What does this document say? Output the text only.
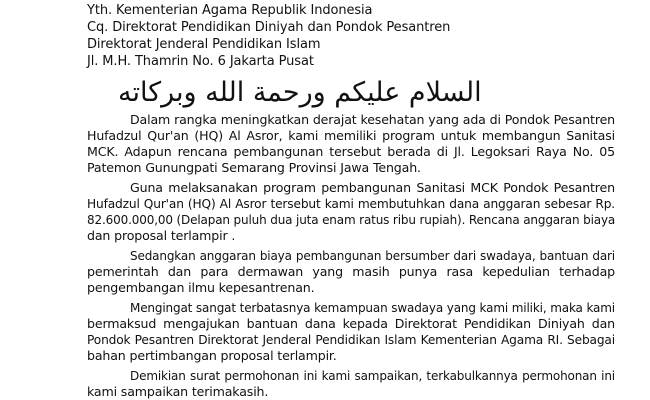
Yth. Kementerian Agama Republik Indonesia
Cq. Direktorat Pendidikan Diniyah dan Pondok Pesantren
Direktorat Jenderal Pendidikan Islam
Jl. M.H. Thamrin No. 6 Jakarta Pusat
السلام عليكم ورحمة الله وبركاته
Dalam rangka meningkatkan derajat kesehatan yang ada di Pondok Pesantren
Hufadzul Qur'an (HQ) Al Asror, kami memiliki program untuk membangun Sanitasi
MCK. Adapun rencana pembangunan tersebut berada di Jl. Legoksari Raya No. 05
Patemon Gunungpati Semarang Provinsi Jawa Tengah.
Guna melaksanakan program pembangunan Sanitasi MCK Pondok Pesantren
Hufadzul Qur'an (HQ) Al Asror tersebut kami membutuhkan dana anggaran sebesar Rp.
82.600.000,00 (Delapan puluh dua juta enam ratus ribu rupiah). Rencana anggaran biaya
dan proposal terlampir .
Sedangkan anggaran biaya pembangunan bersumber dari swadaya, bantuan dari
pemerintah dan para dermawan yang masih punya rasa kepedulian terhadap
pengembangan ilmu kepesantrenan.
Mengingat sangat terbatasnya kemampuan swadaya yang kami miliki, maka kami
bermaksud mengajukan bantuan dana kepada Direktorat Pendidikan Diniyah dan
Pondok Pesantren Direktorat Jenderal Pendidikan Islam Kementerian Agama RI. Sebagai
bahan pertimbangan proposal terlampir.
Demikian surat permohonan ini kami sampaikan, terkabulkannya permohonan ini
kami sampaikan terimakasih.
